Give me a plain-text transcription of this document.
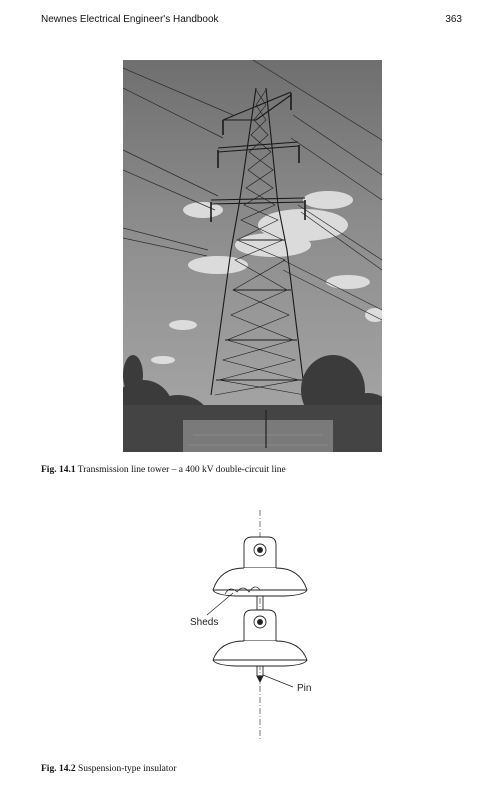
Newnes Electrical Engineer's Handbook	363
Fig. 14.1 Transmission line tower – a 400 kV double-circuit line
Sheds
Pin
Fig. 14.2 Suspension-type insulator
